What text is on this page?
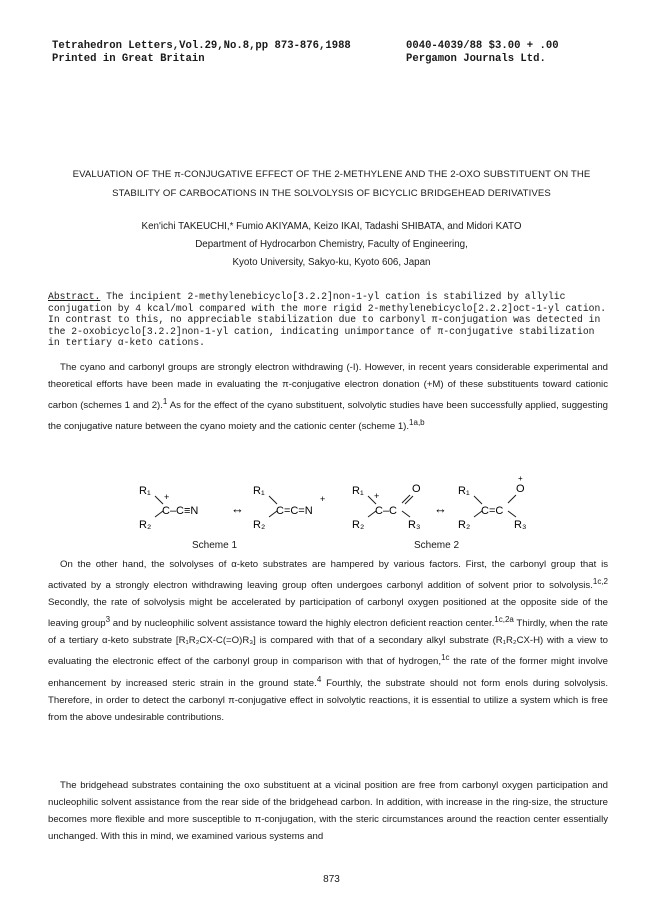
Tetrahedron Letters,Vol.29,No.8,pp 873-876,1988
Printed in Great Britain
0040-4039/88 $3.00 + .00
Pergamon Journals Ltd.
EVALUATION OF THE π-CONJUGATIVE EFFECT OF THE 2-METHYLENE AND THE 2-OXO SUBSTITUENT ON THE
STABILITY OF CARBOCATIONS IN THE SOLVOLYSIS OF BICYCLIC BRIDGEHEAD DERIVATIVES
Ken'ichi TAKEUCHI,* Fumio AKIYAMA, Keizo IKAI, Tadashi SHIBATA, and Midori KATO
Department of Hydrocarbon Chemistry, Faculty of Engineering,
Kyoto University, Sakyo-ku, Kyoto 606, Japan
Abstract. The incipient 2-methylenebicyclo[3.2.2]non-1-yl cation is stabilized by allylic conjugation by 4 kcal/mol compared with the more rigid 2-methylenebicyclo[2.2.2]oct-1-yl cation. In contrast to this, no appreciable stabilization due to carbonyl π-conjugation was detected in the 2-oxobicyclo[3.2.2]non-1-yl cation, indicating unimportance of π-conjugative stabilization in tertiary α-keto cations.

The cyano and carbonyl groups are strongly electron withdrawing (-I). However, in recent years considerable experimental and theoretical efforts have been made in evaluating the π-conjugative electron donation (+M) of these substituents toward cationic carbon (schemes 1 and 2).$^1$ As for the effect of the cyano substituent, solvolytic studies have been successfully applied, suggesting the conjugative nature between the cyano moiety and the cationic center (scheme 1).$^{1a,b}$

R₁
R₂
+
C–C≡N	↔
R₁
R₂
C=C=N
+
Scheme 1
R₁
R₂
+
C–C
O
R₃
↔
R₁
R₂
C=C
O
+
R₃
Scheme 2

On the other hand, the solvolyses of α-keto substrates are hampered by various factors. First, the carbonyl group that is activated by a strongly electron withdrawing leaving group often undergoes carbonyl addition of solvent prior to solvolysis.$^{1c,2}$ Secondly, the rate of solvolysis might be accelerated by participation of carbonyl oxygen positioned at the opposite side of the leaving group$^3$ and by nucleophilic solvent assistance toward the highly electron deficient reaction center.$^{1c,2a}$ Thirdly, when the rate of a tertiary α-keto substrate [R₁R₂CX-C(=O)R₃] is compared with that of a secondary alkyl substrate (R₁R₂CX-H) with a view to evaluating the electronic effect of the carbonyl group in comparison with that of hydrogen,$^{1c}$ the rate of the former might involve enhancement by increased steric strain in the ground state.$^4$ Fourthly, the substrate should not form enols during solvolysis. Therefore, in order to detect the carbonyl π-conjugative effect in solvolytic reactions, it is essential to utilize a system which is free from the above undesirable contributions.

The bridgehead substrates containing the oxo substituent at a vicinal position are free from carbonyl oxygen participation and nucleophilic solvent assistance from the rear side of the bridgehead carbon. In addition, with increase in the ring-size, the structure becomes more flexible and more susceptible to π-conjugation, with the steric circumstances around the reaction center essentially unchanged. With this in mind, we examined various systems and

873
